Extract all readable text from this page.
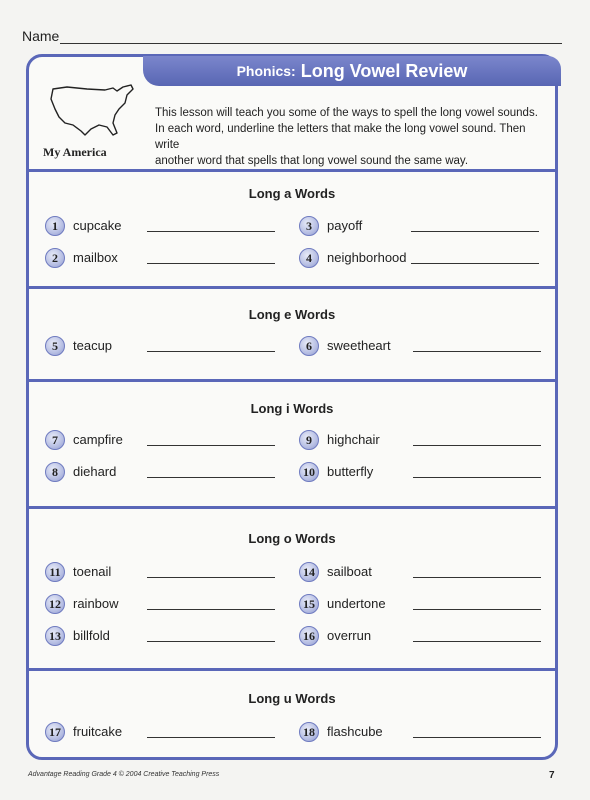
Name
Phonics: Long Vowel Review
My America

This lesson will teach you some of the ways to spell the long vowel sounds.

In each word, underline the letters that make the long vowel sound. Then write

another word that spells that long vowel sound the same way.

Long a Words
1	cupcake	3	payoff
2	mailbox	4	neighborhood
Long e Words
5	teacup	6	sweetheart
Long i Words
7	campfire	9	highchair
8	diehard	10 butterfly
Long o Words
11 toenail	14 sailboat
12 rainbow	15 undertone
13 billfold	16 overrun
Long u Words
17 fruitcake	18 flashcube
Advantage Reading Grade 4 © 2004 Creative Teaching Press	7
